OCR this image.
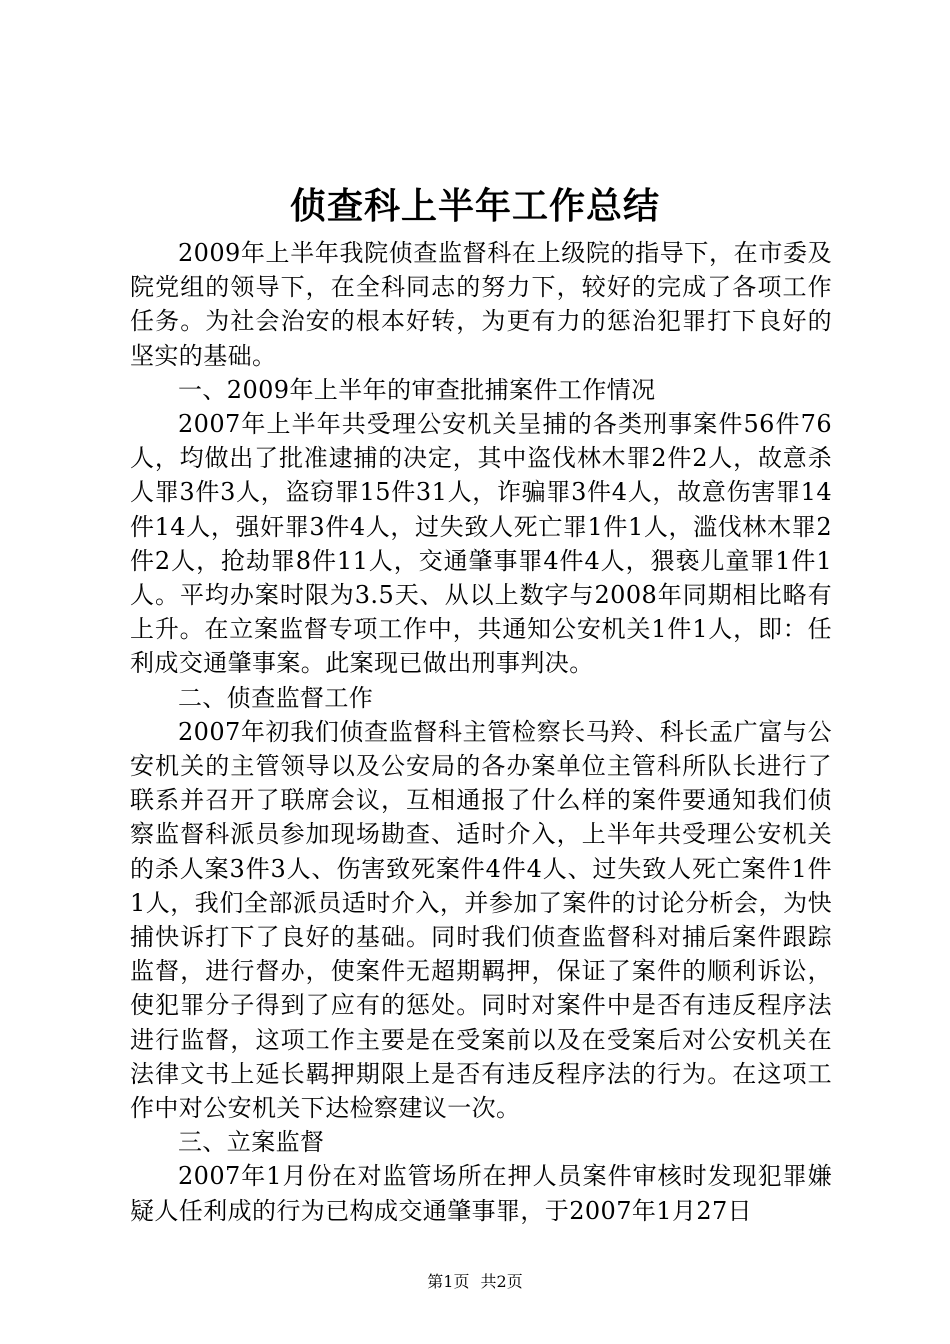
侦查科上半年工作总结

2009年上半年我院侦查监督科在上级院的指导下，在市委及院党组的领导下，在全科同志的努力下，较好的完成了各项工作任务。为社会治安的根本好转，为更有力的惩治犯罪打下良好的坚实的基础。

一、2009年上半年的审查批捕案件工作情况

2007年上半年共受理公安机关呈捕的各类刑事案件56件76人，均做出了批准逮捕的决定，其中盗伐林木罪2件2人，故意杀人罪3件3人，盗窃罪15件31人，诈骗罪3件4人，故意伤害罪14件14人，强奸罪3件4人，过失致人死亡罪1件1人，滥伐林木罪2件2人，抢劫罪8件11人，交通肇事罪4件4人，猥亵儿童罪1件1人。平均办案时限为3.5天、从以上数字与2008年同期相比略有上升。在立案监督专项工作中，共通知公安机关1件1人，即：任利成交通肇事案。此案现已做出刑事判决。

二、侦查监督工作

2007年初我们侦查监督科主管检察长马羚、科长孟广富与公安机关的主管领导以及公安局的各办案单位主管科所队长进行了联系并召开了联席会议，互相通报了什么样的案件要通知我们侦察监督科派员参加现场勘查、适时介入，上半年共受理公安机关的杀人案3件3人、伤害致死案件4件4人、过失致人死亡案件1件1人，我们全部派员适时介入，并参加了案件的讨论分析会，为快捕快诉打下了良好的基础。同时我们侦查监督科对捕后案件跟踪监督，进行督办，使案件无超期羁押，保证了案件的顺利诉讼，使犯罪分子得到了应有的惩处。同时对案件中是否有违反程序法进行监督，这项工作主要是在受案前以及在受案后对公安机关在法律文书上延长羁押期限上是否有违反程序法的行为。在这项工作中对公安机关下达检察建议一次。

三、立案监督

2007年1月份在对监管场所在押人员案件审核时发现犯罪嫌疑人任利成的行为已构成交通肇事罪，于2007年1月27日

第1页 共2页
